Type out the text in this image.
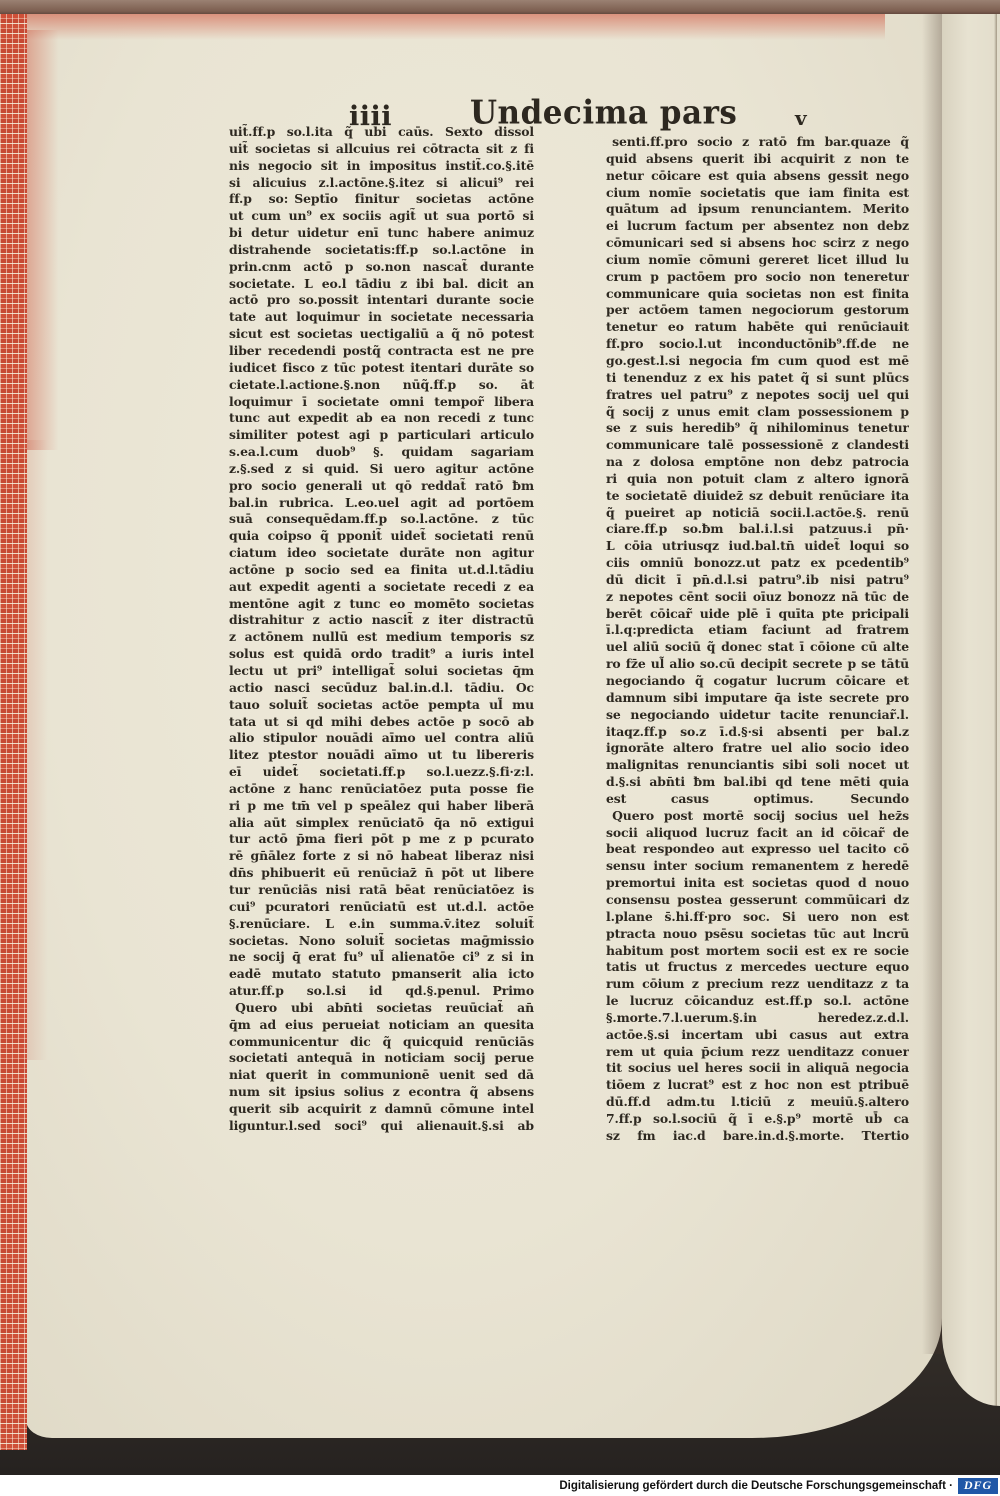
iiii	Undecima pars	v
uit̃.ff.p so.l.ita q̃ ubi caūs. Sexto dissol
uit̃ societas si allcuius rei cōtracta sit z fi
nis negocio sit in impositus instit̃.co.§.itē
si alicuius z.l.actōne.§.itez si alicui⁹ rei
ff.p so: Septīo finitur societas actōne
ut cum un⁹ ex sociis agit̃ ut sua portō si
bi detur uidetur enī tunc habere animuz
distrahende societatis:ff.p so.l.actōne in
prin.cnm actō p so.non nascat̃ durante
societate. L eo.l tādiu z ibi bal. dicit an
actō pro so.possit intentari durante socie
tate aut loquimur in societate necessaria
sicut est societas uectigaliū a q̃ nō potest
liber recedendi postq̃ contracta est ne pre
iudicet fisco z tūc potest itentari durāte so
cietate.l.actione.§.non nūq̃.ff.p so. āt
loquimur ī societate omni tempor̃ libera
tunc aut expedit ab ea non recedi z tunc
similiter potest agi p particulari articulo
s.ea.l.cum duob⁹ §. quidam sagariam
z.§.sed z si quid. Si uero agitur actōne
pro socio generali ut qō reddat̃ ratō ƀm
bal.in rubrica. L.eo.uel agit ad portōem
suā consequēdam.ff.p so.l.actōne. z tūc
quia coipso q̃ pponit̃ uidet̃ societati renū
ciatum ideo societate durāte non agitur
actōne p socio sed ea finita ut.d.l.tādiu
aut expedit agenti a societate recedi z ea
mentōne agit z tunc eo momēto societas
distrahitur z actio nascit̃ z iter distractū
z actōnem nullū est medium temporis sz
solus est quidā ordo tradit⁹ a iuris intel
lectu ut pri⁹ intelligat̃ solui societas q̄m
actio nasci secūduz bal.in.d.l. tādiu. Oc
tauo soluit̃ societas actōe pempta ul̃ mu
tata ut si qd mihi debes actōe p socō ab
alio stipulor nouādi aīmo uel contra aliū
litez ptestor nouādi aīmo ut tu libereris
eī uidet̃ societati.ff.p so.l.uezz.§.fi·z:l.
actōne z hanc renūciatōez puta posse fie
ri p me tm̄ vel p speālez qui haber liberā
alia aūt simplex renūciatō q̄a nō extigui
tur actō p̄ma fieri pōt p me z p pcurato
rē gn̄ālez forte z si nō habeat liberaz nisi
dn̄s phibuerit eū renūciaz̄ n̄ pōt ut libere
tur renūciās nisi ratā bēat renūciatōez is
cui⁹ pcuratori renūciatū est ut.d.l. actōe
§.renūciare. L e.in summa.v̄.itez soluit̃
societas. Nono soluit̃ societas maḡmissio
ne socij q̄ erat fu⁹ ul̃ alienatōe ci⁹ z si in
eadē mutato statuto pmanserit alia icto
atur.ff.p so.l.si id qd.§.penul. Primo
 Quero ubi abn̄ti societas reuūciat̃ an̄
q̄m ad eius perueiat noticiam an quesita
communicentur dic q̃ quicquid renūciās
societati antequā in noticiam socij perue
niat querit in communionē uenit sed dā
num sit ipsius solius z econtra q̃ absens
querit sib acquirit z damnū cōmune intel
liguntur.l.sed soci⁹ qui alienauit.§.si ab
 senti.ff.pro socio z ratō fm bar.quaze q̃
quid absens querit ibi acquirit z non te
netur cōicare est quia absens gessit nego
cium nomīe societatis que iam finita est
quātum ad ipsum renunciantem. Merito
ei lucrum factum per absentez non debz
cōmunicari sed si absens hoc scirz z nego
cium nomīe cōmuni gereret licet illud lu
crum p pactōem pro socio non teneretur
communicare quia societas non est finita
per actōem tamen negociorum gestorum
tenetur eo ratum habēte qui renūciauit
ff.pro socio.l.ut inconductōnib⁹.ff.de ne
go.gest.l.si negocia fm cum quod est mē
ti tenenduz z ex his patet q̃ si sunt plūcs
fratres uel patru⁹ z nepotes socij uel qui
q̃ socij z unus emit clam possessionem p
se z suis heredib⁹ q̃ nihilominus tenetur
communicare talē possessionē z clandesti
na z dolosa emptōne non debz patrocia
ri quia non potuit clam z altero ignorā
te societatē diuidez̄ sz debuit renūciare ita
q̃ pueiret ap noticiā socii.l.actōe.§. renū
ciare.ff.p so.ƀm bal.i.l.si patzuus.i pn̄·
L cōia utriusqz iud.bal.tn̄ uidet̃ loqui so
ciis omniū bonozz.ut patz ex pcedentib⁹
dū dicit ī pn̄.d.l.si patru⁹.ib nisi patru⁹
z nepotes cēnt socii oīuz bonozz nā tūc de
berēt cōicar̃ uide plē ī quīta pte pricipali
ī.l.q:predicta etiam faciunt ad fratrem
uel aliū sociū q̃ donec stat ī cōione cū alte
ro fz̄e ul̃ alio so.cū decipit secrete p se tātū
negociando q̃ cogatur lucrum cōicare et
damnum sibi imputare q̄a iste secrete pro
se negociando uidetur tacite renunciar̃.l.
itaqz.ff.p so.z ī.d.§·si absenti per bal.z
ignorāte altero fratre uel alio socio ideo
malignitas renunciantis sibi soli nocet ut
d.§.si abn̄ti ƀm bal.ibi qd tene mēti quia
est casus optimus.   Secundo
 Quero post mortē socij socius uel hez̄s
socii aliquod lucruz facit an id cōicar̃ de
beat respondeo aut expresso uel tacito cō
sensu inter socium remanentem z heredē
premortui inita est societas quod d nouo
consensu postea gesserunt commūicari dz
l.plane s̄.hi.ff·pro soc. Si uero non est
ptracta nouo psēsu societas tūc aut lncrū
habitum post mortem socii est ex re socie
tatis ut fructus z mercedes uecture equo
rum cōium z precium rezz uenditazz z ta
le lucruz cōicanduz est.ff.p so.l. actōne
§.morte.7.l.uerum.§.in heredez.z.d.l.
actōe.§.si incertam ubi casus aut extra
rem ut quia p̄cium rezz uenditazz conuer
tit socius uel heres socii in aliquā negocia
tiōem z lucrat⁹ est z hoc non est ptribuē
dū.ff.d adm.tu l.ticiū z meuiū.§.altero
7.ff.p so.l.sociū q̃ ī e.§.p⁹ mortē ub̄ ca
sz fm iac.d bare.in.d.§.morte. Ttertio
Digitalisierung gefördert durch die Deutsche Forschungsgemeinschaft · DFG
